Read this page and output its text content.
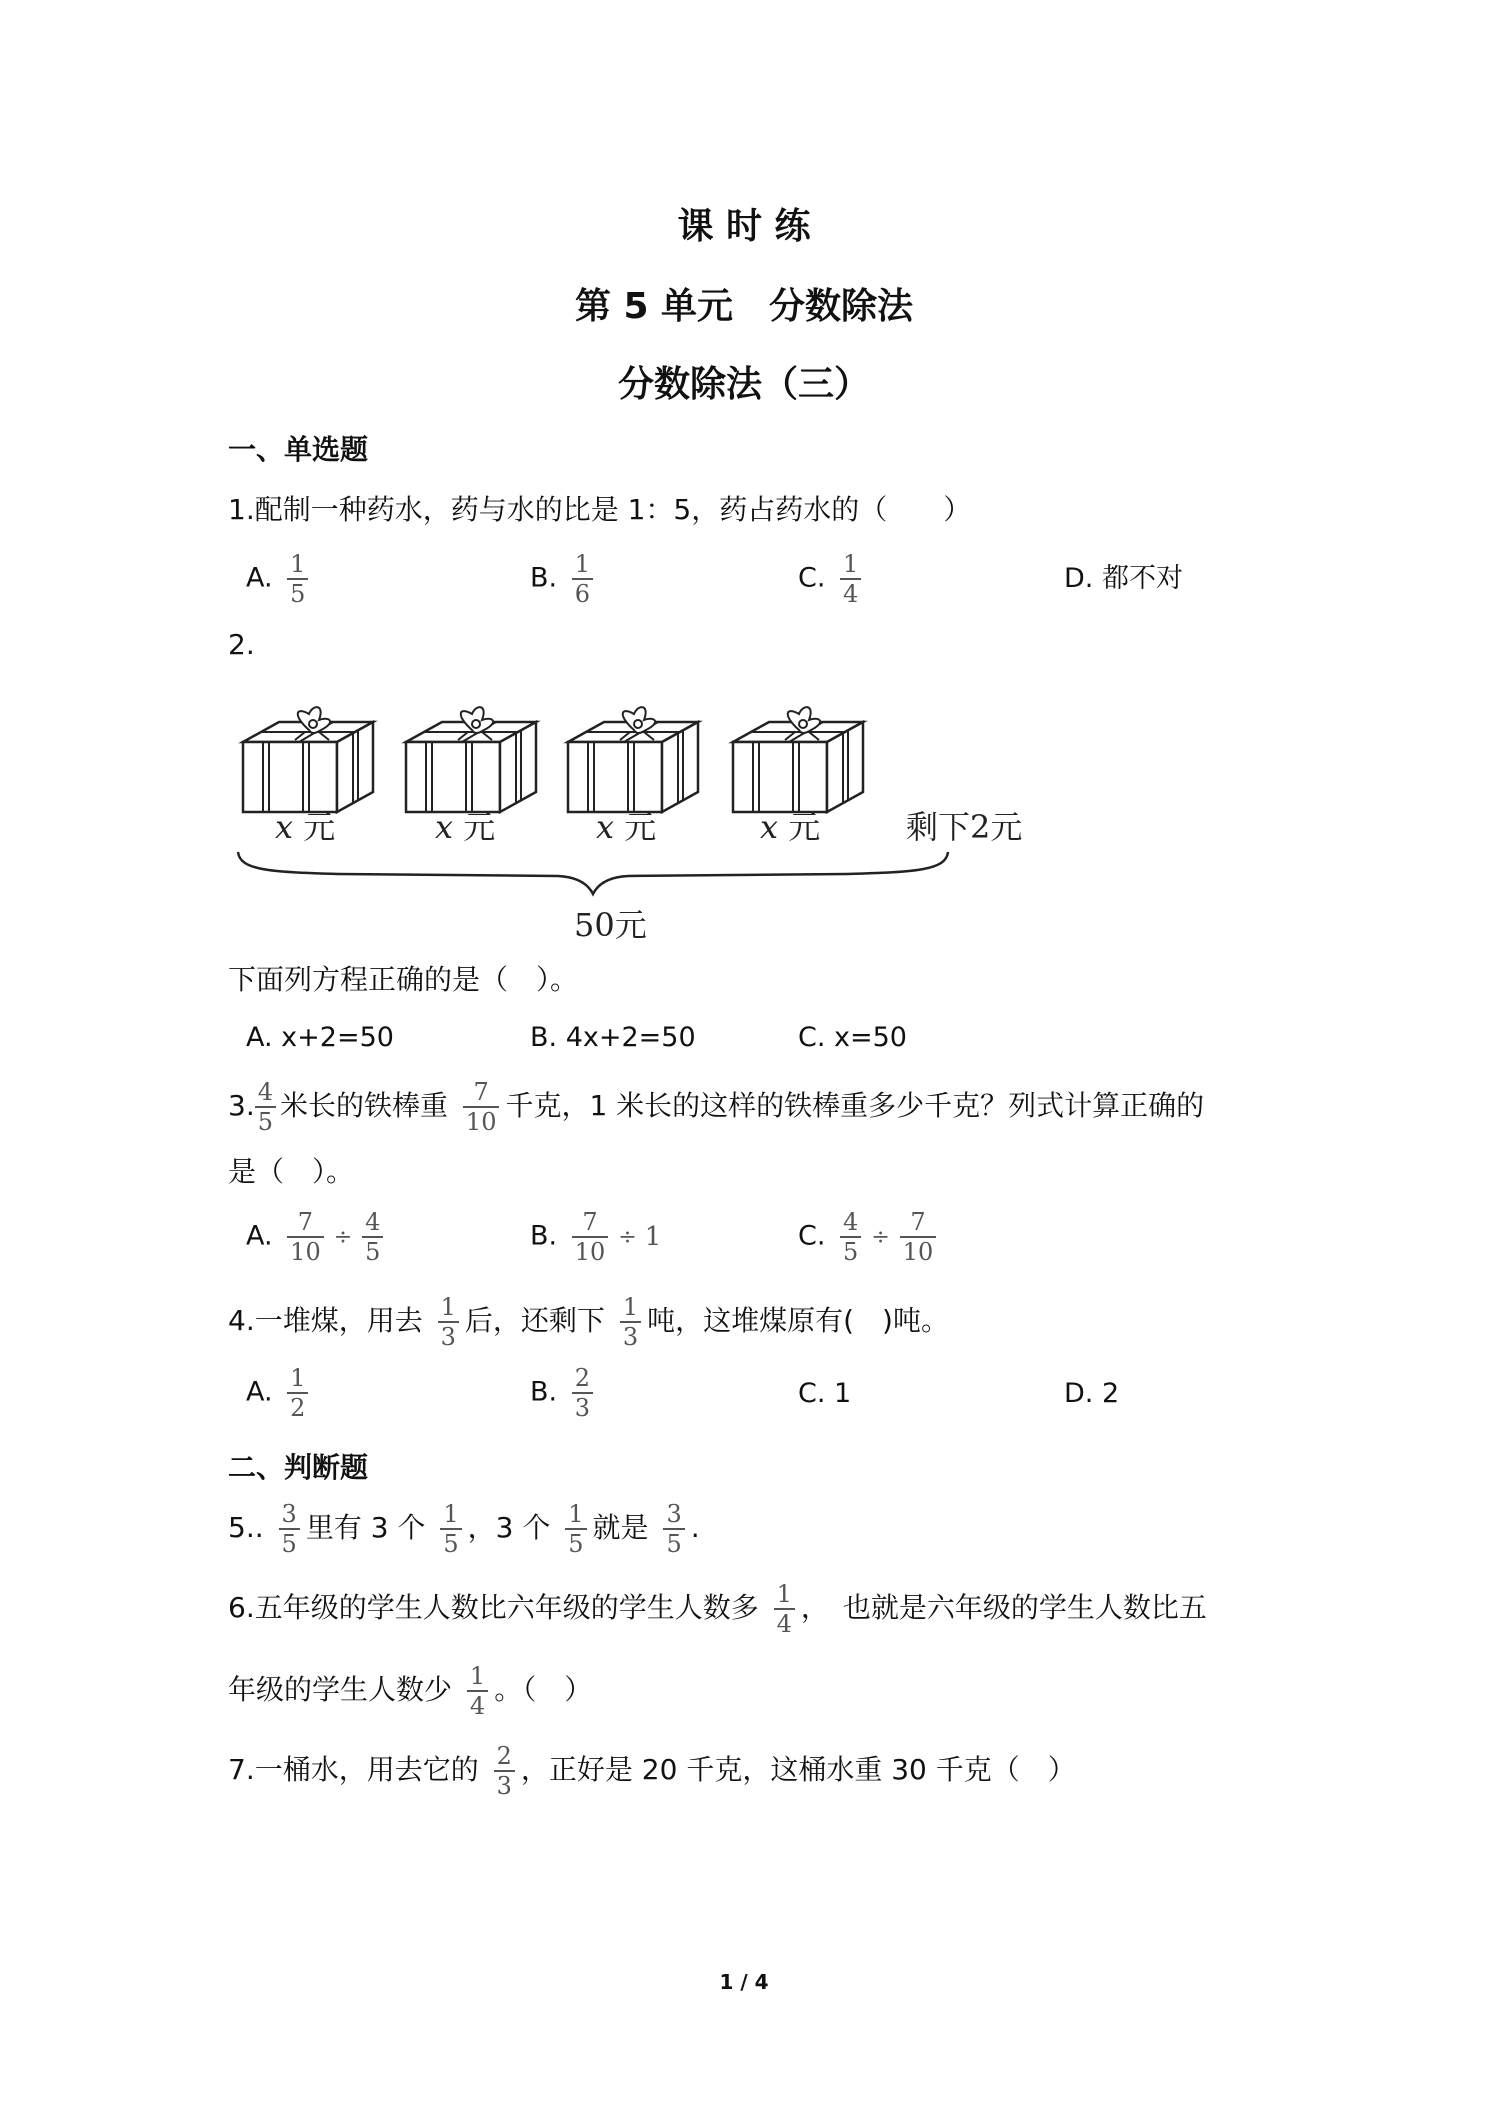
课 时 练
第 5 单元　分数除法
分数除法（三）
一、单选题
1.配制一种药水，药与水的比是 1：5，药占药水的（　　）
A. $\frac{1}{5}$	B. $\frac{1}{6}$	C. $\frac{1}{4}$	D. 都不对
2.
x 元	x 元	x 元	x 元	剩下2元
50元
下面列方程正确的是（　）。
A. x+2=50	B. 4x+2=50	C. x=50
3. $\frac{4}{5}$ 米长的铁棒重 $\frac{7}{10}$ 千克，1 米长的这样的铁棒重多少千克？列式计算正确的
是（　）。
A. $\frac{7}{10} \div \frac{4}{5}$	B. $\frac{7}{10} \div 1$	C. $\frac{4}{5} \div \frac{7}{10}$
4.一堆煤，用去 $\frac{1}{3}$ 后，还剩下 $\frac{1}{3}$ 吨，这堆煤原有(　)吨。
A. $\frac{1}{2}$	B. $\frac{2}{3}$	C. 1	D. 2
二、判断题
5.. $\frac{3}{5}$ 里有 3 个 $\frac{1}{5}$ ，3 个 $\frac{1}{5}$ 就是 $\frac{3}{5}$ .
6.五年级的学生人数比六年级的学生人数多 $\frac{1}{4}$ ，　也就是六年级的学生人数比五
年级的学生人数少 $\frac{1}{4}$ 。（　）
7.一桶水，用去它的 $\frac{2}{3}$ ，正好是 20 千克，这桶水重 30 千克（　）
1 / 4
